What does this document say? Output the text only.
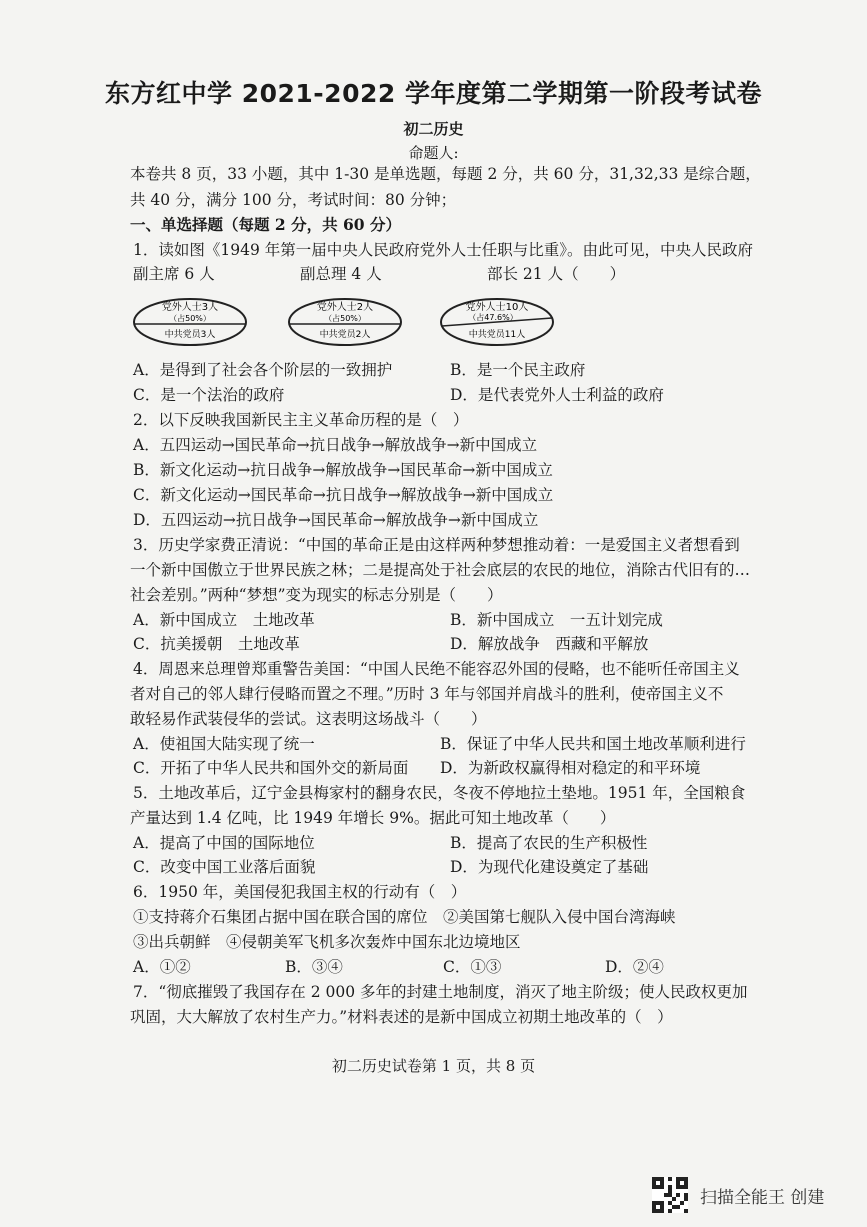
东方红中学 2021-2022 学年度第二学期第一阶段考试卷
初二历史
命题人:
本卷共 8 页，33 小题，其中 1-30 是单选题，每题 2 分，共 60 分，31,32,33 是综合题，
共 40 分，满分 100 分，考试时间：80 分钟；
一、单选择题（每题 2 分，共 60 分）
1．读如图《1949 年第一届中央人民政府党外人士任职与比重》。由此可见，中央人民政府
副主席 6 人	副总理 4 人	部长 21 人（　　）
党外人士3人
（占50%）
中共党员3人
党外人士2人
（占50%）
中共党员2人
党外人士10人
（占47.6%）
中共党员11人
A．是得到了社会各个阶层的一致拥护	B．是一个民主政府
C．是一个法治的政府	D．是代表党外人士利益的政府
2．以下反映我国新民主主义革命历程的是（　）
A．五四运动→国民革命→抗日战争→解放战争→新中国成立
B．新文化运动→抗日战争→解放战争→国民革命→新中国成立
C．新文化运动→国民革命→抗日战争→解放战争→新中国成立
D．五四运动→抗日战争→国民革命→解放战争→新中国成立
3．历史学家费正清说：“中国的革命正是由这样两种梦想推动着：一是爱国主义者想看到
一个新中国傲立于世界民族之林；二是提高处于社会底层的农民的地位，消除古代旧有的…
社会差别。”两种“梦想”变为现实的标志分别是（　　）
A．新中国成立　土地改革	B．新中国成立　一五计划完成
C．抗美援朝　土地改革	D．解放战争　西藏和平解放
4．周恩来总理曾郑重警告美国：“中国人民绝不能容忍外国的侵略，也不能听任帝国主义
者对自己的邻人肆行侵略而置之不理。”历时 3 年与邻国并肩战斗的胜利，使帝国主义不
敢轻易作武装侵华的尝试。这表明这场战斗（　　）
A．使祖国大陆实现了统一	B．保证了中华人民共和国土地改革顺利进行
C．开拓了中华人民共和国外交的新局面 D．为新政权赢得相对稳定的和平环境
5．土地改革后，辽宁金县梅家村的翻身农民，冬夜不停地拉土垫地。1951 年，全国粮食
产量达到 1.4 亿吨，比 1949 年增长 9%。据此可知土地改革（　　）
A．提高了中国的国际地位	B．提高了农民的生产积极性
C．改变中国工业落后面貌	D．为现代化建设奠定了基础
6．1950 年，美国侵犯我国主权的行动有（　）
①支持蒋介石集团占据中国在联合国的席位　②美国第七舰队入侵中国台湾海峡
③出兵朝鲜　④侵朝美军飞机多次轰炸中国东北边境地区
A．①②	B．③④	C．①③	D．②④
7．“彻底摧毁了我国存在 2 000 多年的封建土地制度，消灭了地主阶级；使人民政权更加
巩固，大大解放了农村生产力。”材料表述的是新中国成立初期土地改革的（　）
初二历史试卷第 1 页，共 8 页
扫描全能王 创建
